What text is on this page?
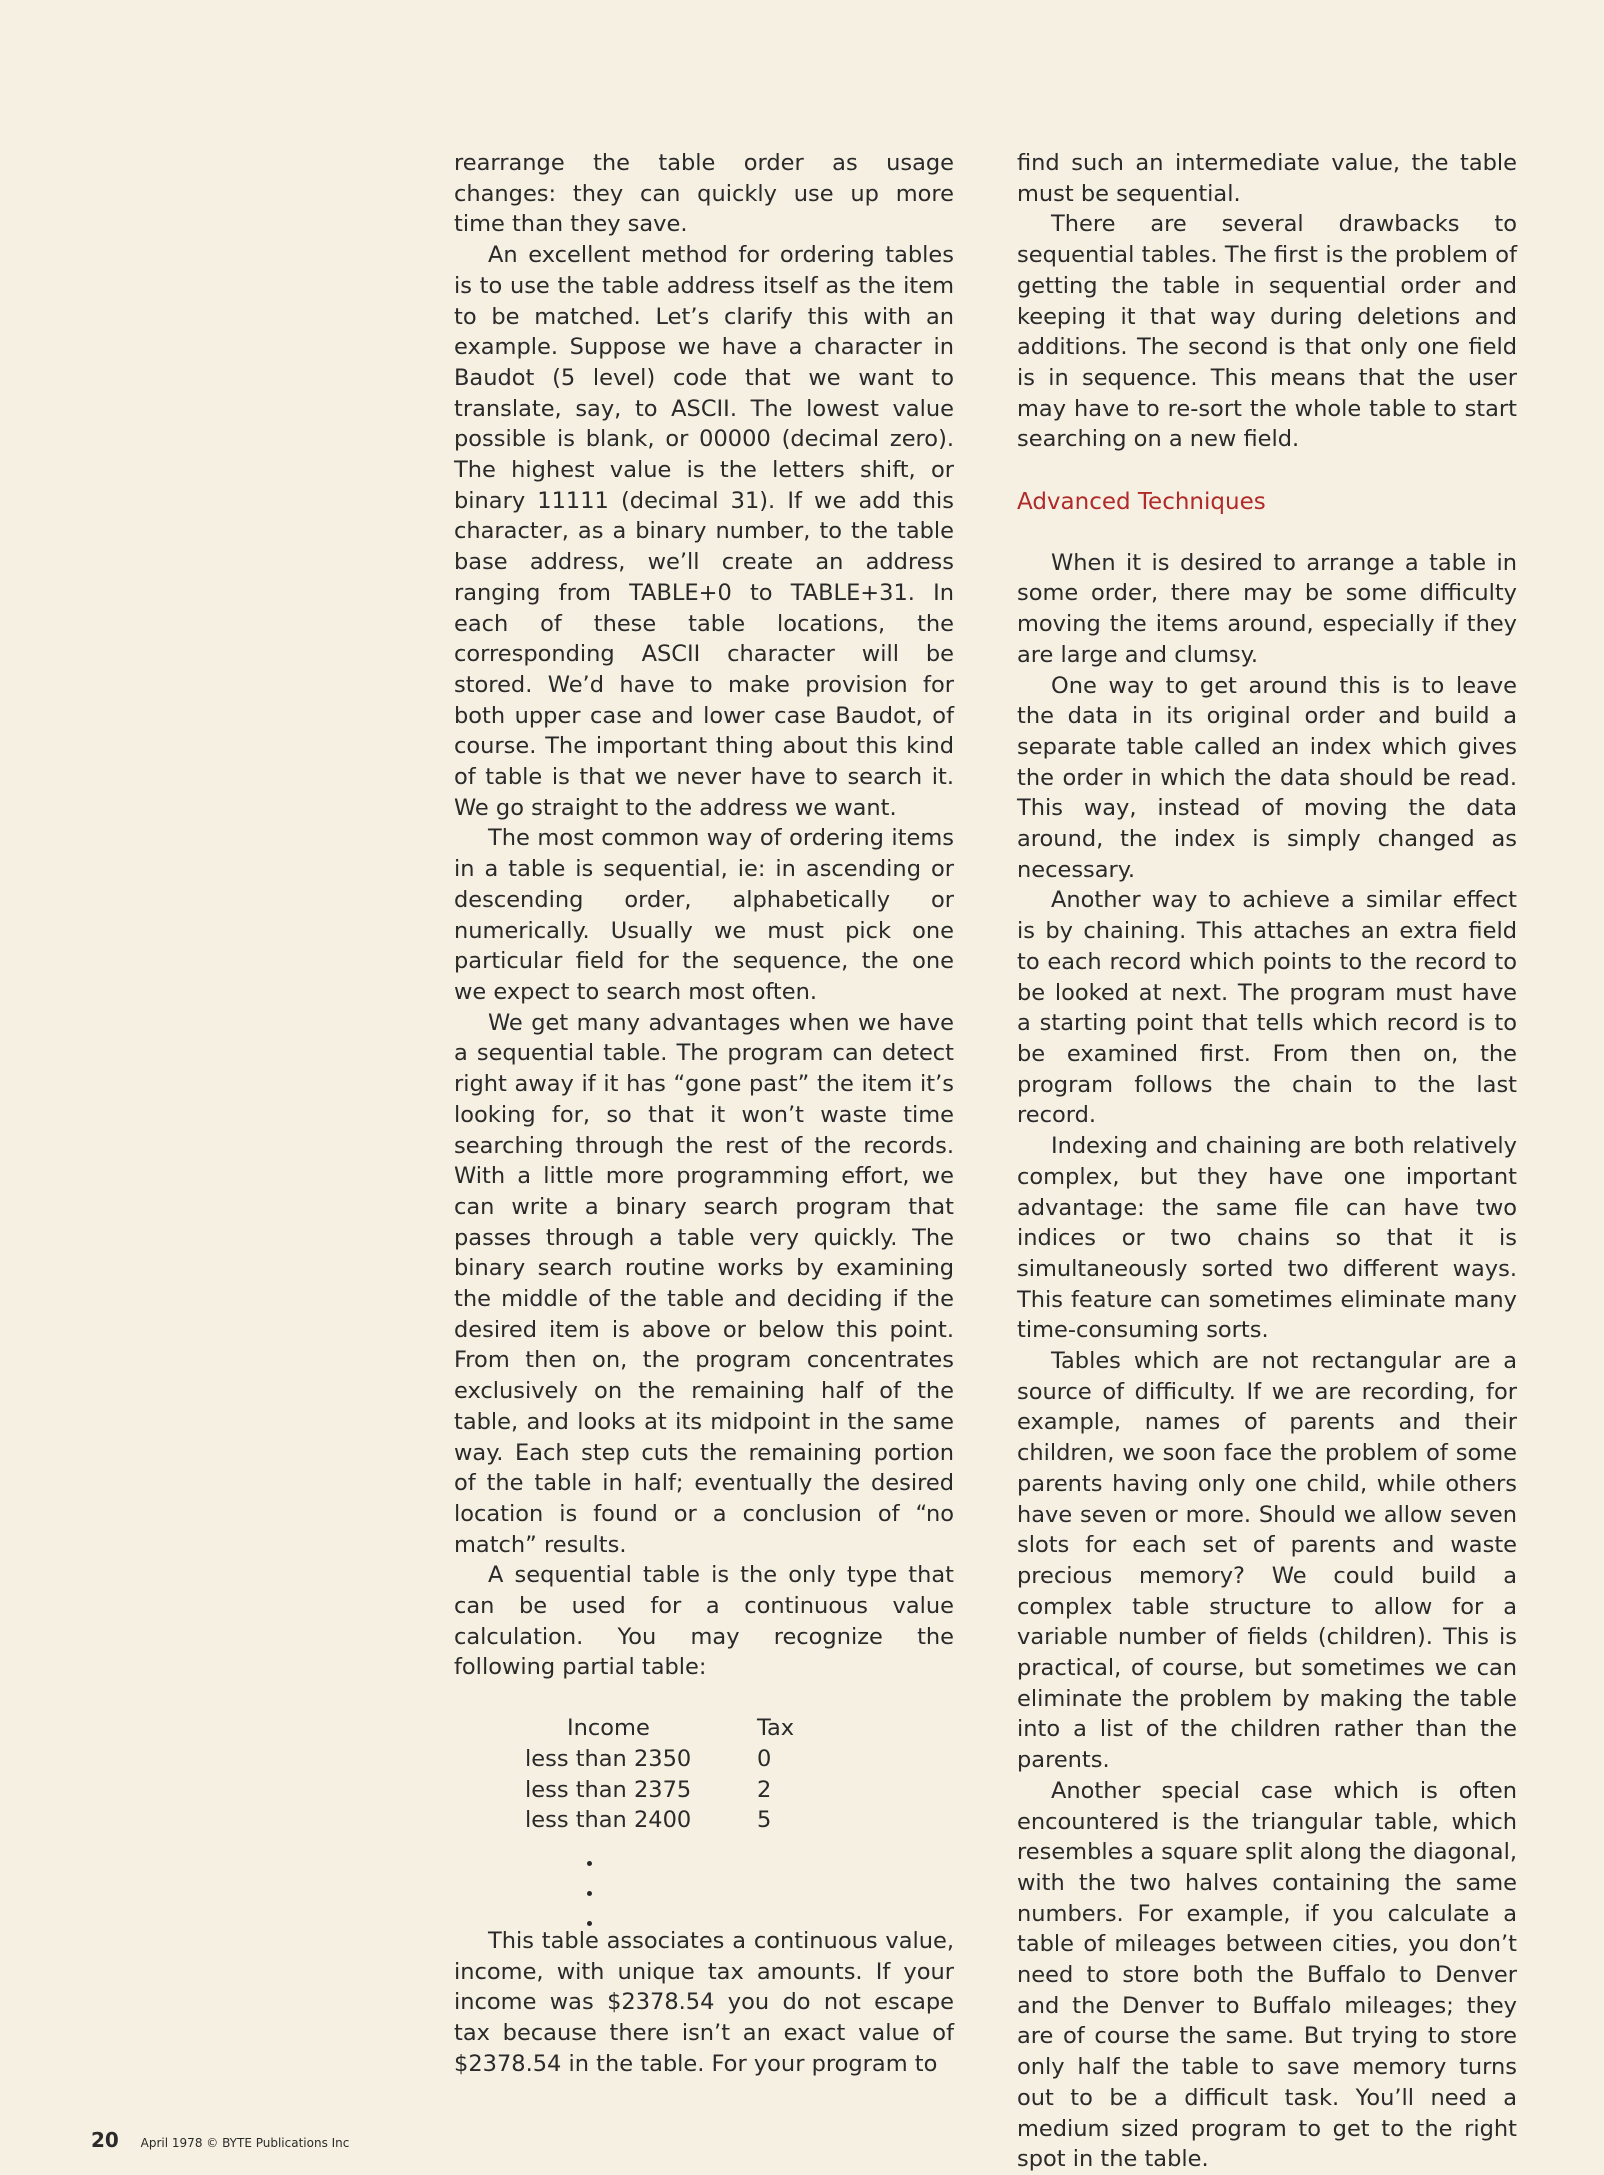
rearrange the table order as usage changes: they can quickly use up more time than they save.

An excellent method for ordering tables is to use the table address itself as the item to be matched. Let’s clarify this with an example. Suppose we have a character in Baudot (5 level) code that we want to translate, say, to ASCII. The lowest value possible is blank, or 00000 (decimal zero). The highest value is the letters shift, or binary 11111 (decimal 31). If we add this character, as a binary number, to the table base address, we’ll create an address ranging from TABLE+0 to TABLE+31. In each of these table locations, the corresponding ASCII character will be stored. We’d have to make provision for both upper case and lower case Baudot, of course. The important thing about this kind of table is that we never have to search it. We go straight to the address we want.

The most common way of ordering items in a table is sequential, ie: in ascending or descending order, alphabetically or numerically. Usually we must pick one particular field for the sequence, the one we expect to search most often.

We get many advantages when we have a sequential table. The program can detect right away if it has “gone past” the item it’s looking for, so that it won’t waste time searching through the rest of the records. With a little more programming effort, we can write a binary search program that passes through a table very quickly. The binary search routine works by examining the middle of the table and deciding if the desired item is above or below this point. From then on, the program concentrates exclusively on the remaining half of the table, and looks at its midpoint in the same way. Each step cuts the remaining portion of the table in half; eventually the desired location is found or a conclusion of “no match” results.

A sequential table is the only type that can be used for a continuous value calculation. You may recognize the following partial table:

Income	Tax
less than 2350	0
less than 2375	2
less than 2400	5

This table associates a continuous value, income, with unique tax amounts. If your income was $2378.54 you do not escape tax because there isn’t an exact value of $2378.54 in the table. For your program to

find such an intermediate value, the table must be sequential.

There are several drawbacks to sequential tables. The first is the problem of getting the table in sequential order and keeping it that way during deletions and additions. The second is that only one field is in sequence. This means that the user may have to re-sort the whole table to start searching on a new field.

Advanced Techniques

When it is desired to arrange a table in some order, there may be some difficulty moving the items around, especially if they are large and clumsy.

One way to get around this is to leave the data in its original order and build a separate table called an index which gives the order in which the data should be read. This way, instead of moving the data around, the index is simply changed as necessary.

Another way to achieve a similar effect is by chaining. This attaches an extra field to each record which points to the record to be looked at next. The program must have a starting point that tells which record is to be examined first. From then on, the program follows the chain to the last record.

Indexing and chaining are both relatively complex, but they have one important advantage: the same file can have two indices or two chains so that it is simultaneously sorted two different ways. This feature can sometimes eliminate many time-consuming sorts.

Tables which are not rectangular are a source of difficulty. If we are recording, for example, names of parents and their children, we soon face the problem of some parents having only one child, while others have seven or more. Should we allow seven slots for each set of parents and waste precious memory? We could build a complex table structure to allow for a variable number of fields (children). This is practical, of course, but sometimes we can eliminate the problem by making the table into a list of the children rather than the parents.

Another special case which is often encountered is the triangular table, which resembles a square split along the diagonal, with the two halves containing the same numbers. For example, if you calculate a table of mileages between cities, you don’t need to store both the Buffalo to Denver and the Denver to Buffalo mileages; they are of course the same. But trying to store only half the table to save memory turns out to be a difficult task. You’ll need a medium sized program to get to the right spot in the table.

20 April 1978 © BYTE Publications Inc
